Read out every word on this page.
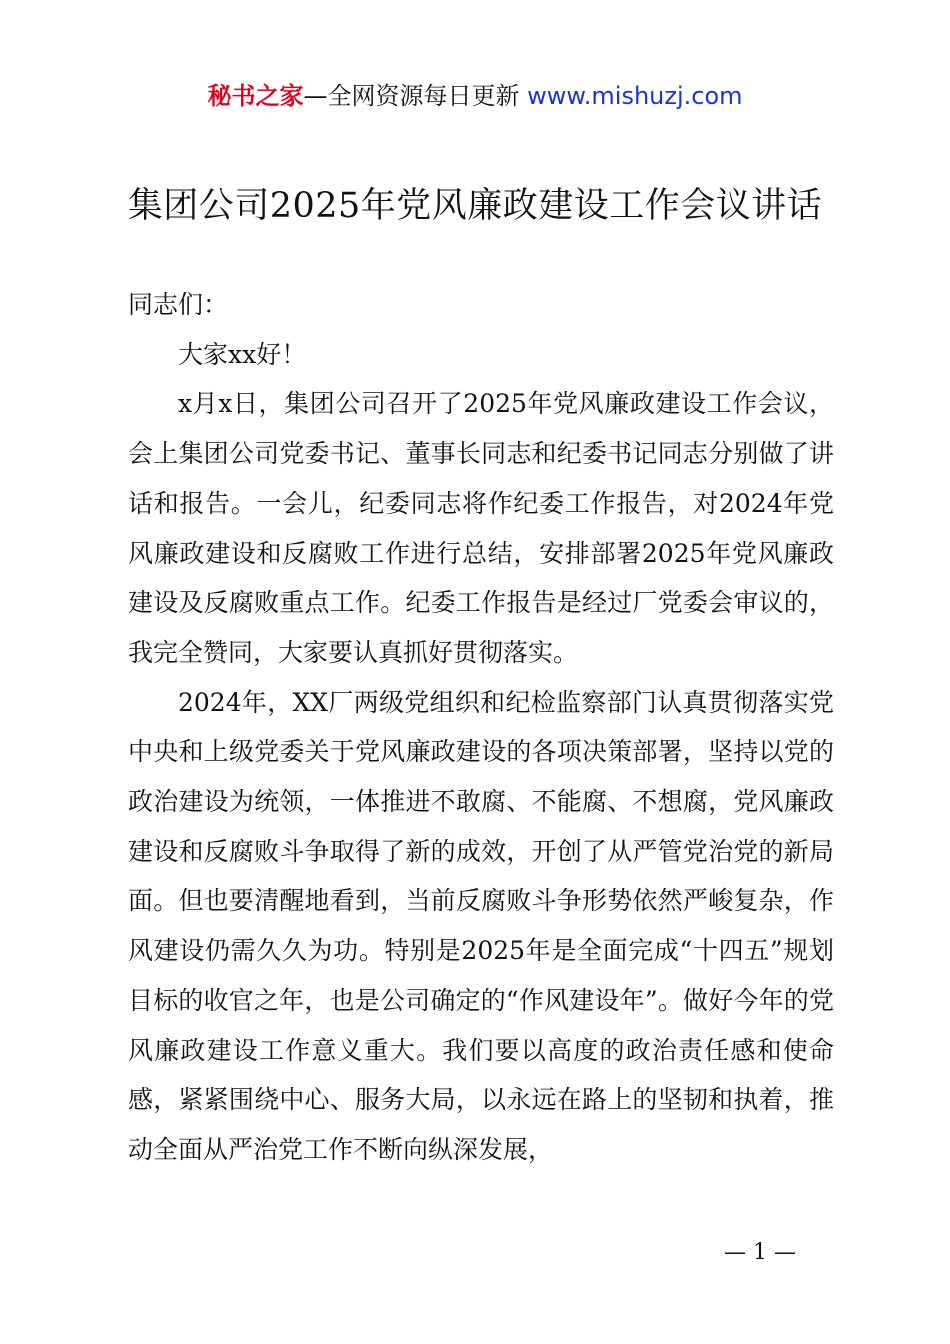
秘书之家—全网资源每日更新 www.mishuzj.com
集团公司2025年党风廉政建设工作会议讲话

同志们：

大家xx好！

x月x日，集团公司召开了2025年党风廉政建设工作会议，会上集团公司党委书记、董事长同志和纪委书记同志分别做了讲话和报告。一会儿，纪委同志将作纪委工作报告，对2024年党风廉政建设和反腐败工作进行总结，安排部署2025年党风廉政建设及反腐败重点工作。纪委工作报告是经过厂党委会审议的，我完全赞同，大家要认真抓好贯彻落实。

2024年，XX厂两级党组织和纪检监察部门认真贯彻落实党中央和上级党委关于党风廉政建设的各项决策部署，坚持以党的政治建设为统领，一体推进不敢腐、不能腐、不想腐，党风廉政建设和反腐败斗争取得了新的成效，开创了从严管党治党的新局面。但也要清醒地看到，当前反腐败斗争形势依然严峻复杂，作风建设仍需久久为功。特别是2025年是全面完成“十四五”规划目标的收官之年，也是公司确定的“作风建设年”。做好今年的党风廉政建设工作意义重大。我们要以高度的政治责任感和使命感，紧紧围绕中心、服务大局，以永远在路上的坚韧和执着，推动全面从严治党工作不断向纵深发展，

— 1 —
